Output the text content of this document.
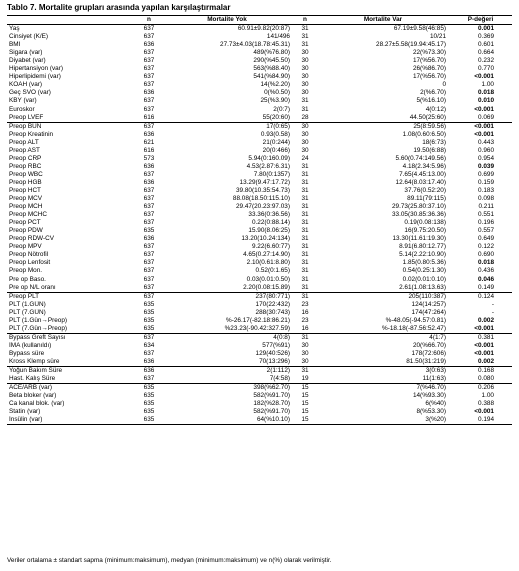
Tablo 7. Mortalite grupları arasında yapılan karşılaştırmalar
	n	Mortalite Yok	n	Mortalite Var	P-değeri
Yaş	637	60.91±9.82(20:87)	31	67.19±9.58(46:85)	0.001
Cinsiyet (K/E)	637	141/496	31	10/21	0.369
BMI	636	27.73±4.03(18.78:45.31)	31	28.27±5.58(19.94:45.17)	0.601
Sigara (var)	637	489(%76.80)	30	22(%73.30)	0.664
Diyabet (var)	637	290(%45.50)	30	17(%56.70)	0.232
Hipertansiyon (var)	637	563(%88.40)	30	26(%86.70)	0.770
Hiperlipidemi (var)	637	541(%84.90)	30	17(%56.70)	<0.001
KOAH (var)	637	14(%2.20)	30	0	1.00
Geç SVO (var)	636	0(%0.50)	30	2(%6.70)	0.018
KBY (var)	637	25(%3.90)	31	5(%16.10)	0.010
Euroskor	637	2(0:7)	31	4(0:12)	<0.001
Preop LVEF	616	55(20:60)	28	44.50(25:60)	0.069
Preop BUN	637	17(0:65)	30	25(8:59.56)	<0.001
Preop Kreatinin	636	0.93(0.58)	30	1.08(0.60:6.50)	<0.001
Preop ALT	621	21(0:244)	30	18(6:73)	0.443
Preop AST	616	20(0:466)	30	19.50(6:88)	0.960
Preop CRP	573	5.94(0:160.09)	24	5.60(0.74:149.56)	0.954
Preop RBC	636	4.53(2.87:6.31)	31	4.18(2.34:5.96)	0.039
Preop WBC	637	7.80(0:1357)	31	7.65(4.45:13.00)	0.699
Preop HGB	636	13.29(9.47:17.72)	31	12.64(8.03:17.40)	0.159
Preop HCT	637	39.80(10.35:54.73)	31	37.76(0.52:20)	0.183
Preop MCV	637	88.08(18.50:115.10)	31	89.11(79:115)	0.098
Preop MCH	637	29.47(20.23:97.03)	31	29.73(25.80:37.10)	0.211
Preop MCHC	637	33.36(0:36.56)	31	33.05(30.85:36.36)	0.551
Preop PCT	637	0.22(0:88.14)	31	0.19(0.08:138)	0.196
Preop PDW	635	15.90(8.06:25)	31	16(9.75:20.50)	0.557
Preop RDW-CV	636	13.20(10.24:134)	31	13.30(11.61:19.30)	0.649
Preop MPV	637	9.22(6.60:77)	31	8.91(6.80:12.77)	0.122
Preop Nötrofil	637	4.65(0.27:14.90)	31	5.14(2.22:10.90)	0.690
Preop Lenfosit	637	2.10(0.61:8.80)	31	1.85(0.80:5.36)	0.018
Preop Mon.	637	0.52(0:1.65)	31	0.54(0.25:1.30)	0.436
Pre op Baso.	637	0.03(0.01:0.50)	31	0.02(0.01:0.10)	0.046
Pre op N/L oranı	637	2.20(0.08:15.89)	31	2.61(1.08:13.63)	0.149
Preop PLT	637	237(80:771)	31	205(110:387)	0.124
PLT (1.GÜN)	635	170(22:432)	23	124(14:257)	-
PLT (7.GÜN)	635	288(30:743)	16	174(47:264)	-
PLT (1.Gün→Preop)	635	%-26.17(-82.18:86.21)	23	%-48.05(-94.57:0.81)	0.002
PLT (7.Gün→Preop)	635	%23.23(-90.42:327.59)	16	%-18.18(-87.56:52.47)	<0.001
Bypass Greft Sayısı	637	4(0:8)	31	4(1:7)	0.381
İMA (kullanıldı)	634	577(%91)	30	20(%66.70)	<0.001
Bypass süre	637	129(40:526)	30	178(72:606)	<0.001
Kross Klemp süre	636	70(13:296)	30	81.50(31:219)	0.002
Yoğun Bakım Süre	636	2(1:112)	31	3(0:63)	0.168
Hast. Kalış Süre	637	7(4:58)	19	11(1:63)	0.080
ACE/ARB (var)	635	398(%62.70)	15	7(%46.70)	0.206
Beta bloker (var)	635	582(%91.70)	15	14(%93.30)	1.00
Ca kanal blok. (var)	635	182(%28.70)	15	6(%40)	0.388
Statin (var)	635	582(%91.70)	15	8(%53.30)	<0.001
İnsülin (var)	635	64(%10.10)	15	3(%20)	0.194
Veriler ortalama ± standart sapma (minimum:maksimum), medyan (minimum:maksimum) ve n(%) olarak verilmiştir.
